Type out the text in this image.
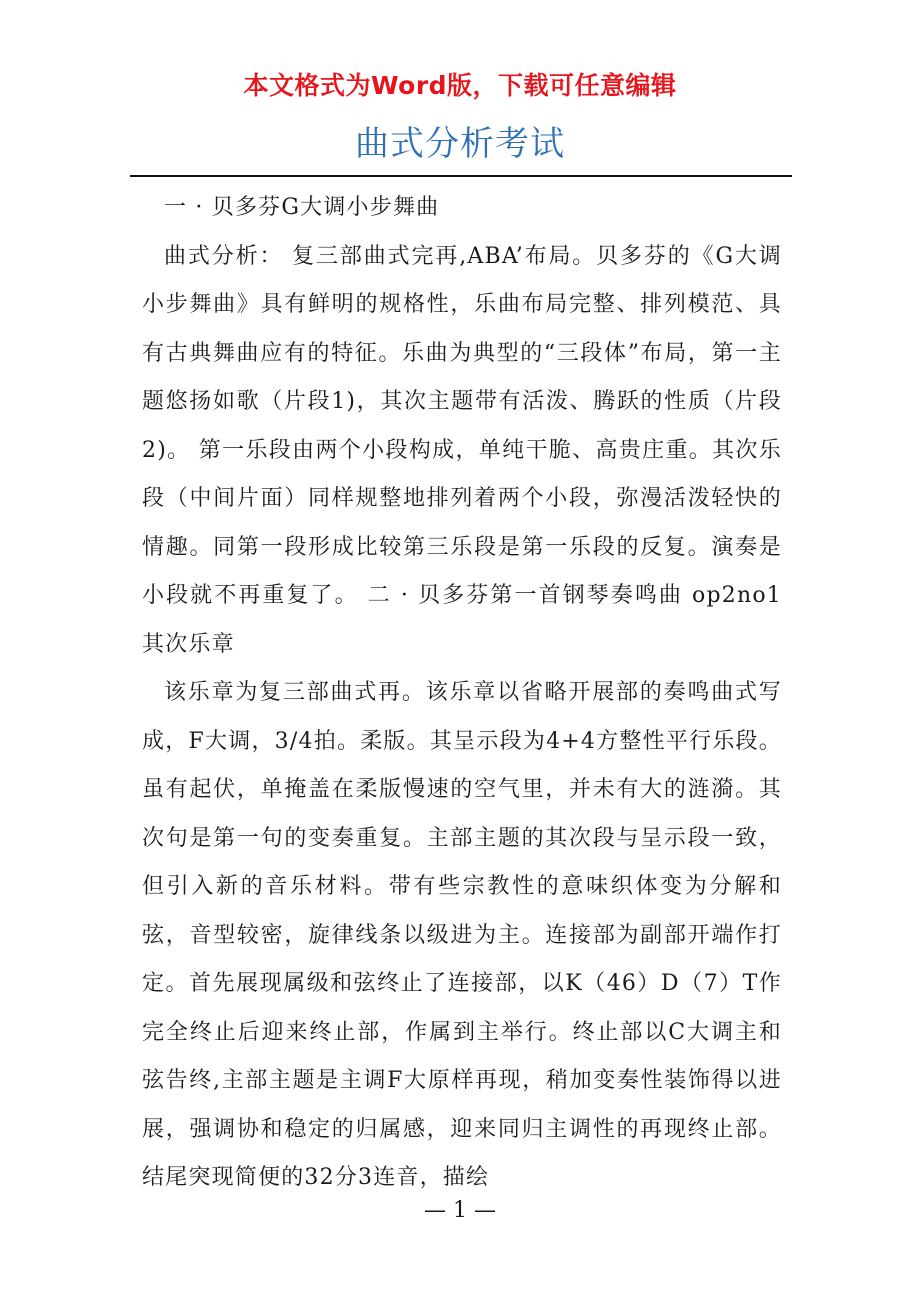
本文格式为Word版，下载可任意编辑
曲式分析考试

一 · 贝多芬G大调小步舞曲

曲式分析： 复三部曲式完再,ABA’布局。贝多芬的《G大调小步舞曲》具有鲜明的规格性，乐曲布局完整、排列模范、具有古典舞曲应有的特征。乐曲为典型的“三段体”布局，第一主题悠扬如歌（片段1)，其次主题带有活泼、腾跃的性质（片段2)。 第一乐段由两个小段构成，单纯干脆、高贵庄重。其次乐段（中间片面）同样规整地排列着两个小段，弥漫活泼轻快的情趣。同第一段形成比较第三乐段是第一乐段的反复。演奏是小段就不再重复了。 二 · 贝多芬第一首钢琴奏鸣曲 op2no1 其次乐章

该乐章为复三部曲式再。该乐章以省略开展部的奏鸣曲式写成，F大调，3/4拍。柔版。其呈示段为4+4方整性平行乐段。虽有起伏，单掩盖在柔版慢速的空气里，并未有大的涟漪。其次句是第一句的变奏重复。主部主题的其次段与呈示段一致，但引入新的音乐材料。带有些宗教性的意味织体变为分解和弦，音型较密，旋律线条以级进为主。连接部为副部开端作打定。首先展现属级和弦终止了连接部，以K（46）D（7）T作完全终止后迎来终止部，作属到主举行。终止部以C大调主和弦告终,主部主题是主调F大原样再现，稍加变奏性装饰得以进展，强调协和稳定的归属感，迎来同归主调性的再现终止部。结尾突现简便的32分3连音，描绘

— 1 —
